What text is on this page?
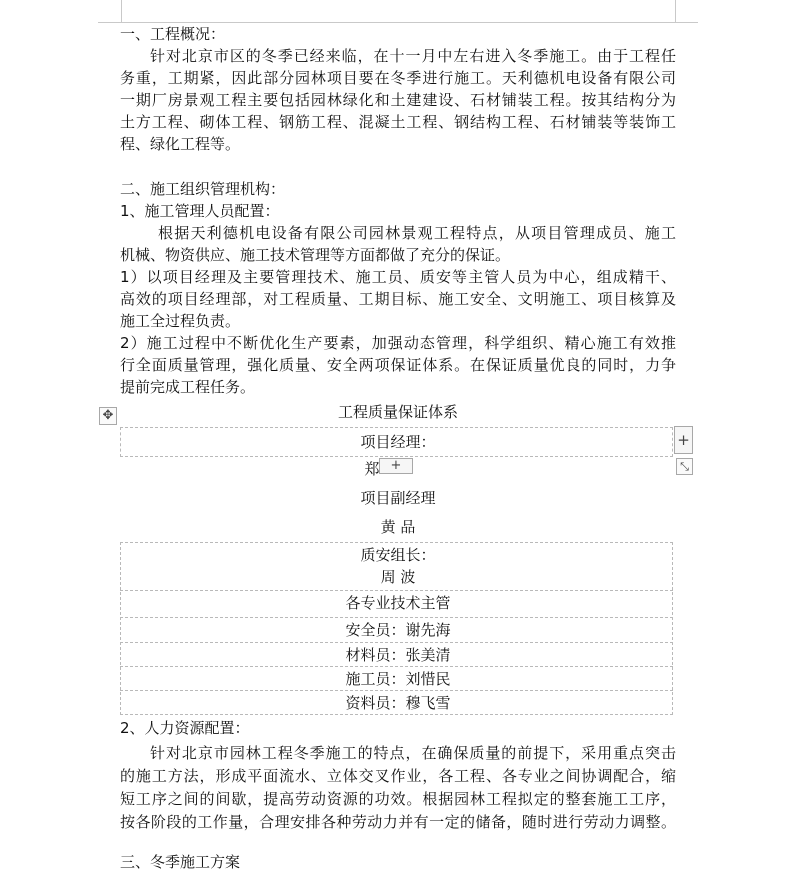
一、工程概况：
针对北京市区的冬季已经来临，在十一月中左右进入冬季施工。由于工程任
务重，工期紧，因此部分园林项目要在冬季进行施工。天利德机电设备有限公司
一期厂房景观工程主要包括园林绿化和土建建设、石材铺装工程。按其结构分为
土方工程、砌体工程、钢筋工程、混凝土工程、钢结构工程、石材铺装等装饰工
程、绿化工程等。
二、施工组织管理机构：
1、施工管理人员配置：
根据天利德机电设备有限公司园林景观工程特点，从项目管理成员、施工
机械、物资供应、施工技术管理等方面都做了充分的保证。
1）以项目经理及主要管理技术、施工员、质安等主管人员为中心，组成精干、
高效的项目经理部，对工程质量、工期目标、施工安全、文明施工、项目核算及
施工全过程负责。
2）施工过程中不断优化生产要素，加强动态管理，科学组织、精心施工有效推
行全面质量管理，强化质量、安全两项保证体系。在保证质量优良的同时，力争
提前完成工程任务。
工程质量保证体系
项目经理：
郑
项目副经理
黄 品
质安组长：
周 波
各专业技术主管
安全员：谢先海
材料员：张美清
施工员：刘惜民
资料员：穆飞雪
2、人力资源配置：
针对北京市园林工程冬季施工的特点，在确保质量的前提下，采用重点突击
的施工方法，形成平面流水、立体交叉作业，各工程、各专业之间协调配合，缩
短工序之间的间歇，提高劳动资源的功效。根据园林工程拟定的整套施工工序，
按各阶段的工作量，合理安排各种劳动力并有一定的储备，随时进行劳动力调整。
三、冬季施工方案
✥
+
+	⤡
